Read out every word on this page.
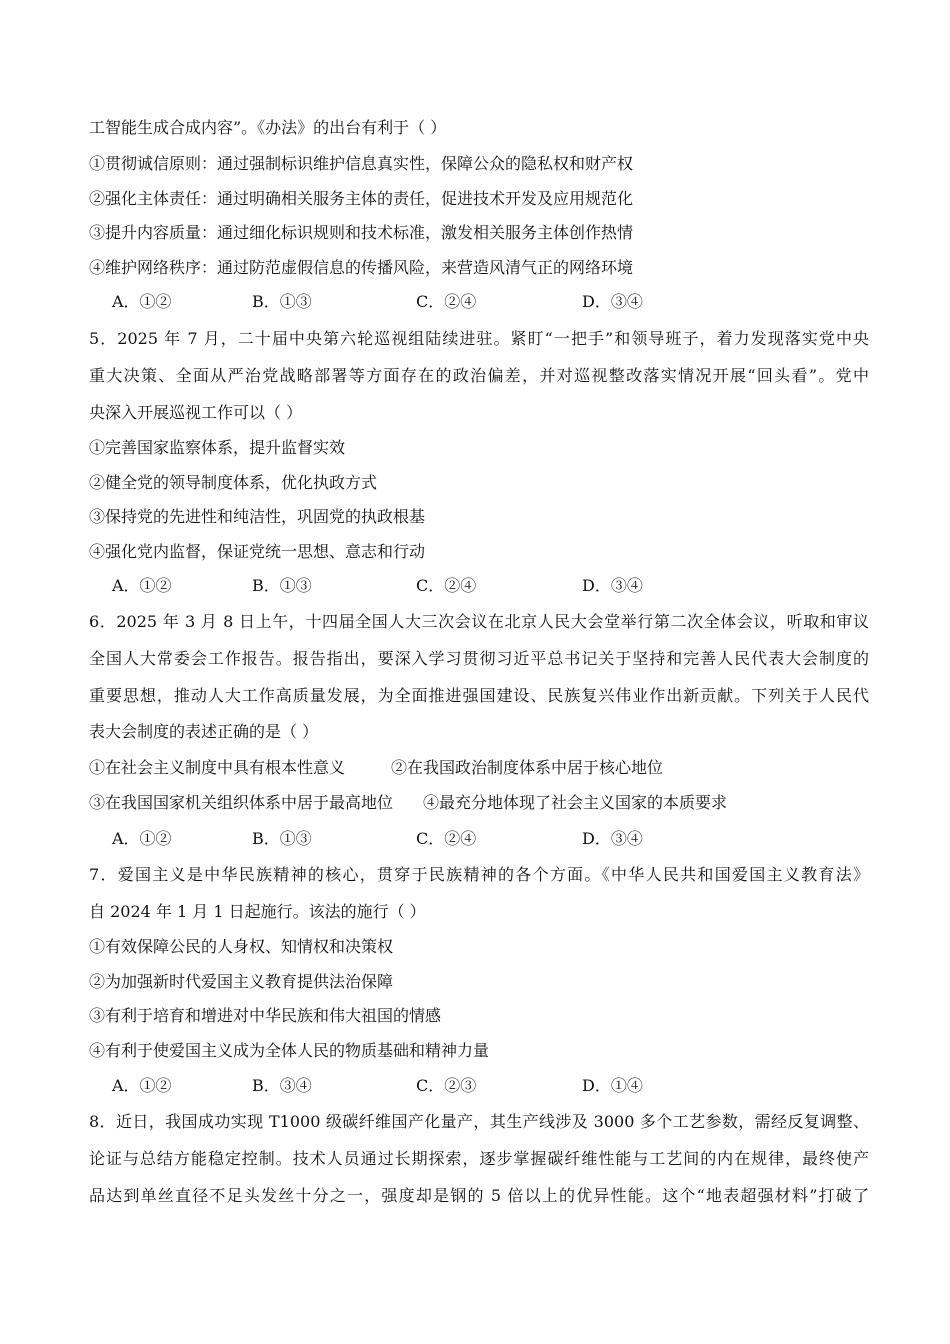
工智能生成合成内容”。《办法》的出台有利于（ ）
①贯彻诚信原则：通过强制标识维护信息真实性，保障公众的隐私权和财产权
②强化主体责任：通过明确相关服务主体的责任，促进技术开发及应用规范化
③提升内容质量：通过细化标识规则和技术标准，激发相关服务主体创作热情
④维护网络秩序：通过防范虚假信息的传播风险，来营造风清气正的网络环境
A．①②	B．①③	C．②④	D．③④
5．2025 年 7 月，二十届中央第六轮巡视组陆续进驻。紧盯“一把手”和领导班子，着力发现落实党中央
重大决策、全面从严治党战略部署等方面存在的政治偏差，并对巡视整改落实情况开展“回头看”。党中
央深入开展巡视工作可以（ ）
①完善国家监察体系，提升监督实效
②健全党的领导制度体系，优化执政方式
③保持党的先进性和纯洁性，巩固党的执政根基
④强化党内监督，保证党统一思想、意志和行动
A．①②	B．①③	C．②④	D．③④
6．2025 年 3 月 8 日上午，十四届全国人大三次会议在北京人民大会堂举行第二次全体会议，听取和审议
全国人大常委会工作报告。报告指出，要深入学习贯彻习近平总书记关于坚持和完善人民代表大会制度的
重要思想，推动人大工作高质量发展，为全面推进强国建设、民族复兴伟业作出新贡献。下列关于人民代
表大会制度的表述正确的是（ ）
①在社会主义制度中具有根本性意义	②在我国政治制度体系中居于核心地位
③在我国国家机关组织体系中居于最高地位 ④最充分地体现了社会主义国家的本质要求
A．①②	B．①③	C．②④	D．③④
7．爱国主义是中华民族精神的核心，贯穿于民族精神的各个方面。《中华人民共和国爱国主义教育法》
自 2024 年 1 月 1 日起施行。该法的施行（ ）
①有效保障公民的人身权、知情权和决策权
②为加强新时代爱国主义教育提供法治保障
③有利于培育和增进对中华民族和伟大祖国的情感
④有利于使爱国主义成为全体人民的物质基础和精神力量
A．①②	B．③④	C．②③	D．①④
8．近日，我国成功实现 T1000 级碳纤维国产化量产，其生产线涉及 3000 多个工艺参数，需经反复调整、
论证与总结方能稳定控制。技术人员通过长期探索，逐步掌握碳纤维性能与工艺间的内在规律，最终使产
品达到单丝直径不足头发丝十分之一，强度却是钢的 5 倍以上的优异性能。这个“地表超强材料”打破了
